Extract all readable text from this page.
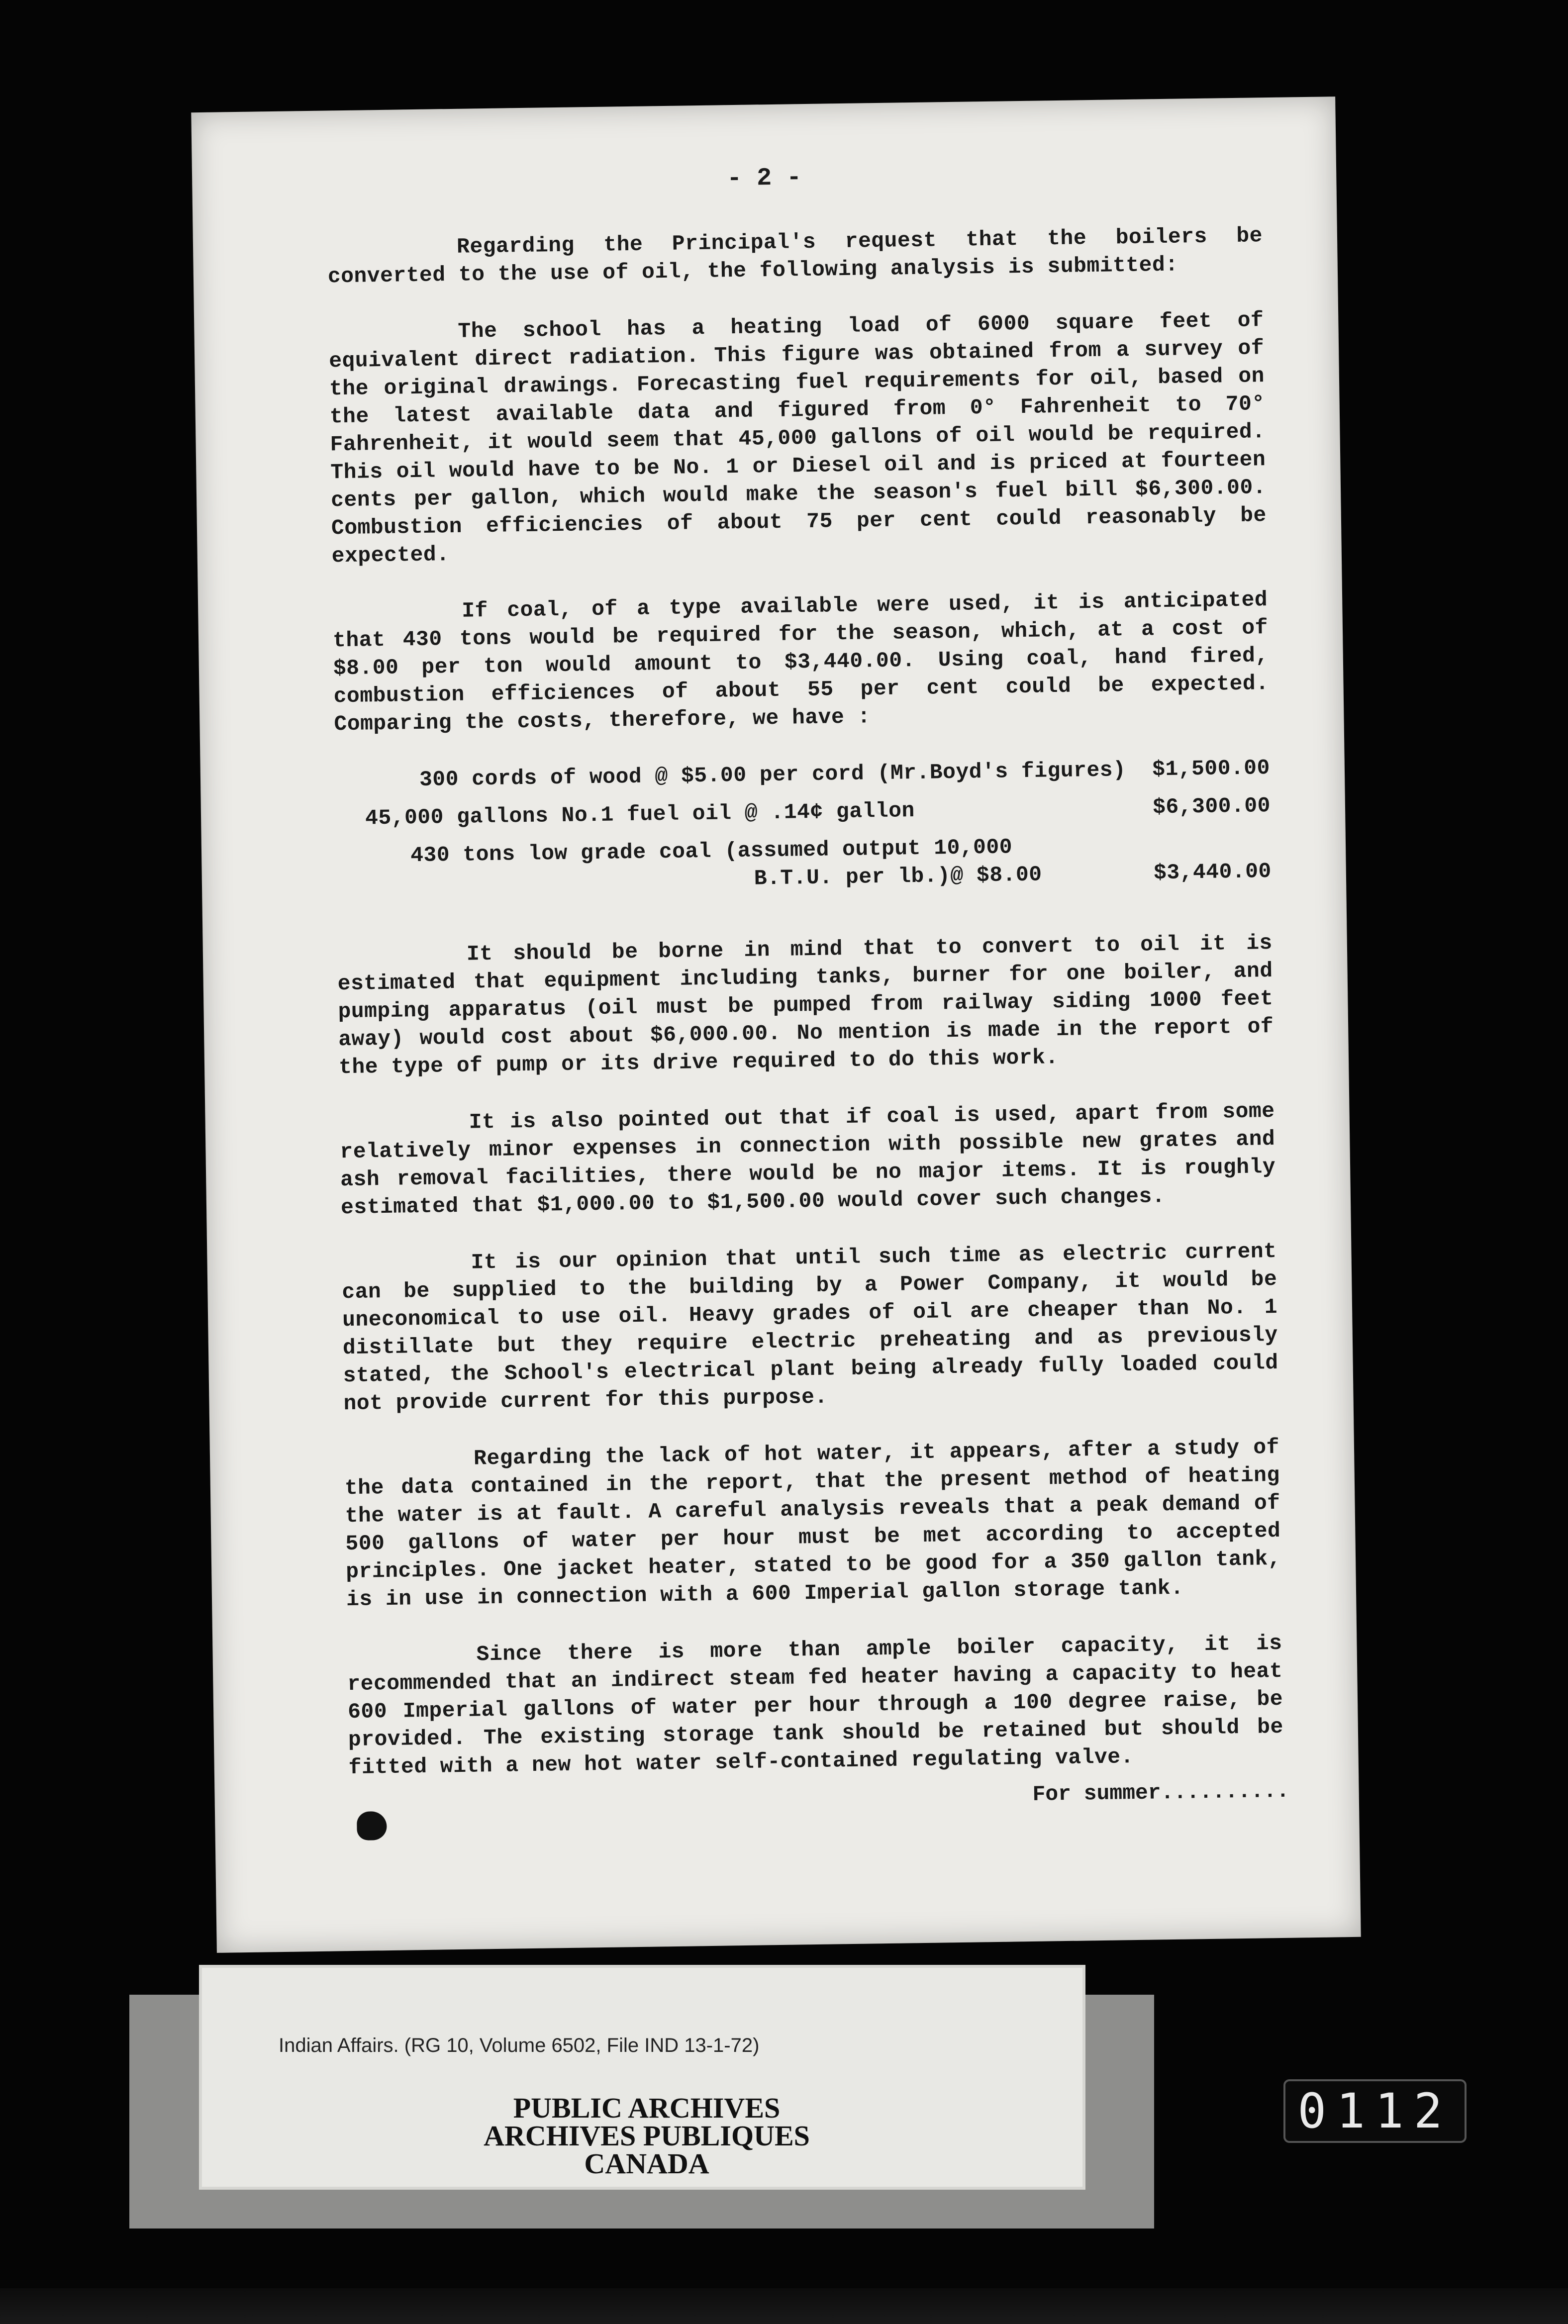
- 2 -

Regarding the Principal's request that the boilers be converted to the use of oil, the following analysis is submitted:

The school has a heating load of 6000 square feet of equivalent direct radiation. This figure was obtained from a survey of the original drawings. Forecasting fuel requirements for oil, based on the latest available data and figured from 0° Fahrenheit to 70° Fahrenheit, it would seem that 45,000 gallons of oil would be required. This oil would have to be No. 1 or Diesel oil and is priced at fourteen cents per gallon, which would make the season's fuel bill $6,300.00. Combustion efficiencies of about 75 per cent could reasonably be expected.

If coal, of a type available were used, it is anticipated that 430 tons would be required for the season, which, at a cost of $8.00 per ton would amount to $3,440.00. Using coal, hand fired, combustion efficiences of about 55 per cent could be expected. Comparing the costs, therefore, we have :

300 cords of wood @ $5.00 per cord (Mr.Boyd's figures) $1,500.00
45,000 gallons No.1 fuel oil @ .14¢ gallon	$6,300.00
430 tons low grade coal (assumed output 10,000
B.T.U. per lb.)@ $8.00	$3,440.00

It should be borne in mind that to convert to oil it is estimated that equipment including tanks, burner for one boiler, and pumping apparatus (oil must be pumped from railway siding 1000 feet away) would cost about $6,000.00. No mention is made in the report of the type of pump or its drive required to do this work.

It is also pointed out that if coal is used, apart from some relatively minor expenses in connection with possible new grates and ash removal facilities, there would be no major items. It is roughly estimated that $1,000.00 to $1,500.00 would cover such changes.

It is our opinion that until such time as electric current can be supplied to the building by a Power Company, it would be uneconomical to use oil. Heavy grades of oil are cheaper than No. 1 distillate but they require electric preheating and as previously stated, the School's electrical plant being already fully loaded could not provide current for this purpose.

Regarding the lack of hot water, it appears, after a study of the data contained in the report, that the present method of heating the water is at fault. A careful analysis reveals that a peak demand of 500 gallons of water per hour must be met according to accepted principles. One jacket heater, stated to be good for a 350 gallon tank, is in use in connection with a 600 Imperial gallon storage tank.

Since there is more than ample boiler capacity, it is recommended that an indirect steam fed heater having a capacity to heat 600 Imperial gallons of water per hour through a 100 degree raise, be provided. The existing storage tank should be retained but should be fitted with a new hot water self-contained regulating valve.

For summer..........
Indian Affairs. (RG 10, Volume 6502, File IND 13-1-72)
PUBLIC ARCHIVES
ARCHIVES PUBLIQUES
CANADA
0112
